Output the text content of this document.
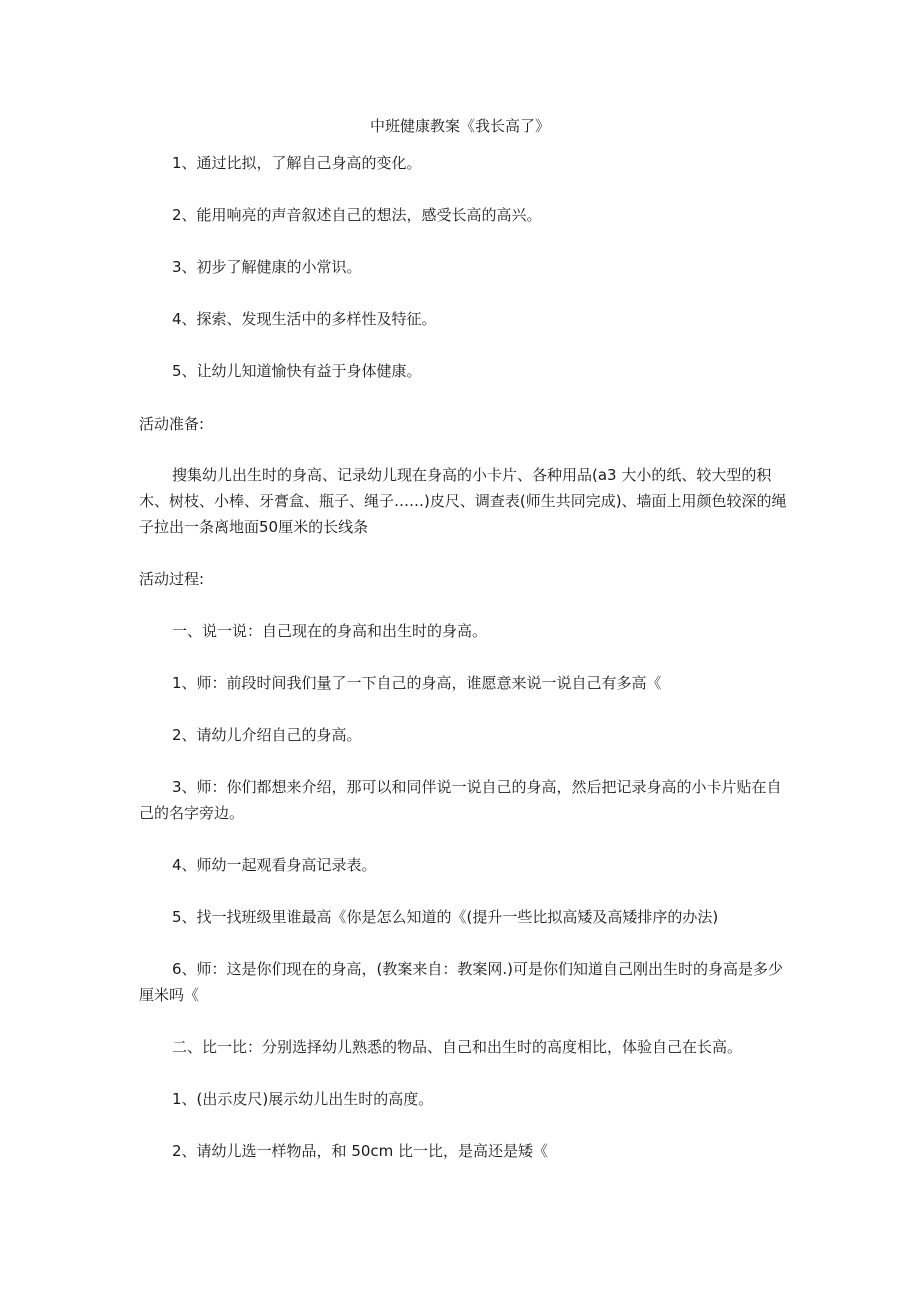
中班健康教案《我长高了》
1、通过比拟，了解自己身高的变化。
2、能用响亮的声音叙述自己的想法，感受长高的高兴。
3、初步了解健康的小常识。
4、探索、发现生活中的多样性及特征。
5、让幼儿知道愉快有益于身体健康。
活动准备:
搜集幼儿出生时的身高、记录幼儿现在身高的小卡片、各种用品(a3 大小的纸、较大型的积木、树枝、小棒、牙膏盒、瓶子、绳子……)皮尺、调查表(师生共同完成)、墙面上用颜色较深的绳子拉出一条离地面50厘米的长线条
活动过程:
一、说一说：自己现在的身高和出生时的身高。
1、师：前段时间我们量了一下自己的身高，谁愿意来说一说自己有多高《
2、请幼儿介绍自己的身高。
3、师：你们都想来介绍，那可以和同伴说一说自己的身高，然后把记录身高的小卡片贴在自己的名字旁边。
4、师幼一起观看身高记录表。
5、找一找班级里谁最高《你是怎么知道的《(提升一些比拟高矮及高矮排序的办法)
6、师：这是你们现在的身高，(教案来自：教案网.)可是你们知道自己刚出生时的身高是多少厘米吗《
二、比一比：分别选择幼儿熟悉的物品、自己和出生时的高度相比，体验自己在长高。
1、(出示皮尺)展示幼儿出生时的高度。
2、请幼儿选一样物品，和 50cm 比一比，是高还是矮《
